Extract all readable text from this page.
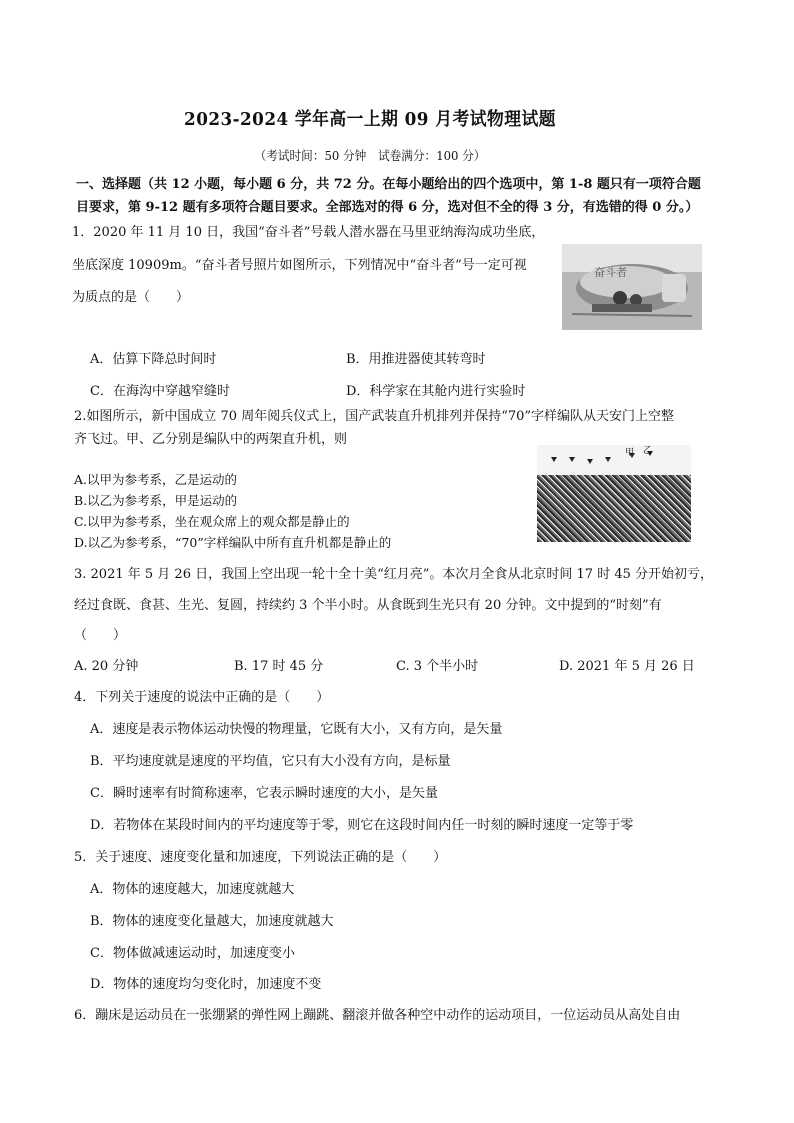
2023-2024 学年高一上期 09 月考试物理试题
（考试时间：50 分钟　试卷满分：100 分）
一、选择题（共 12 小题，每小题 6 分，共 72 分。在每小题给出的四个选项中，第 1-8 题只有一项符合题
目要求，第 9-12 题有多项符合题目要求。全部选对的得 6 分，选对但不全的得 3 分，有选错的得 0 分。）
1．2020 年 11 月 10 日，我国“奋斗者”号载人潜水器在马里亚纳海沟成功坐底，
坐底深度 10909m。“奋斗者号照片如图所示，下列情况中“奋斗者”号一定可视
为质点的是（　　）
奋斗者
A．估算下降总时间时	B．用推进器使其转弯时
C．在海沟中穿越窄缝时	D．科学家在其舱内进行实验时
2.如图所示，新中国成立 70 周年阅兵仪式上，国产武装直升机排列并保持“70”字样编队从天安门上空整
齐飞过。甲、乙分别是编队中的两架直升机，则
A.以甲为参考系，乙是运动的
B.以乙为参考系，甲是运动的
C.以甲为参考系，坐在观众席上的观众都是静止的
D.以乙为参考系，“70”字样编队中所有直升机都是静止的
甲 乙
3. 2021 年 5 月 26 日，我国上空出现一轮十全十美“红月亮”。本次月全食从北京时间 17 时 45 分开始初亏，
经过食既、食甚、生光、复圆，持续约 3 个半小时。从食既到生光只有 20 分钟。文中提到的“时刻”有
（　　）
A. 20 分钟	B. 17 时 45 分	C. 3 个半小时	D. 2021 年 5 月 26 日
4．下列关于速度的说法中正确的是（　　）
A．速度是表示物体运动快慢的物理量，它既有大小，又有方向，是矢量
B．平均速度就是速度的平均值，它只有大小没有方向，是标量
C．瞬时速率有时简称速率，它表示瞬时速度的大小，是矢量
D．若物体在某段时间内的平均速度等于零，则它在这段时间内任一时刻的瞬时速度一定等于零
5．关于速度、速度变化量和加速度，下列说法正确的是（　　）
A．物体的速度越大，加速度就越大
B．物体的速度变化量越大，加速度就越大
C．物体做减速运动时，加速度变小
D．物体的速度均匀变化时，加速度不变
6．蹦床是运动员在一张绷紧的弹性网上蹦跳、翻滚并做各种空中动作的运动项目，一位运动员从高处自由
